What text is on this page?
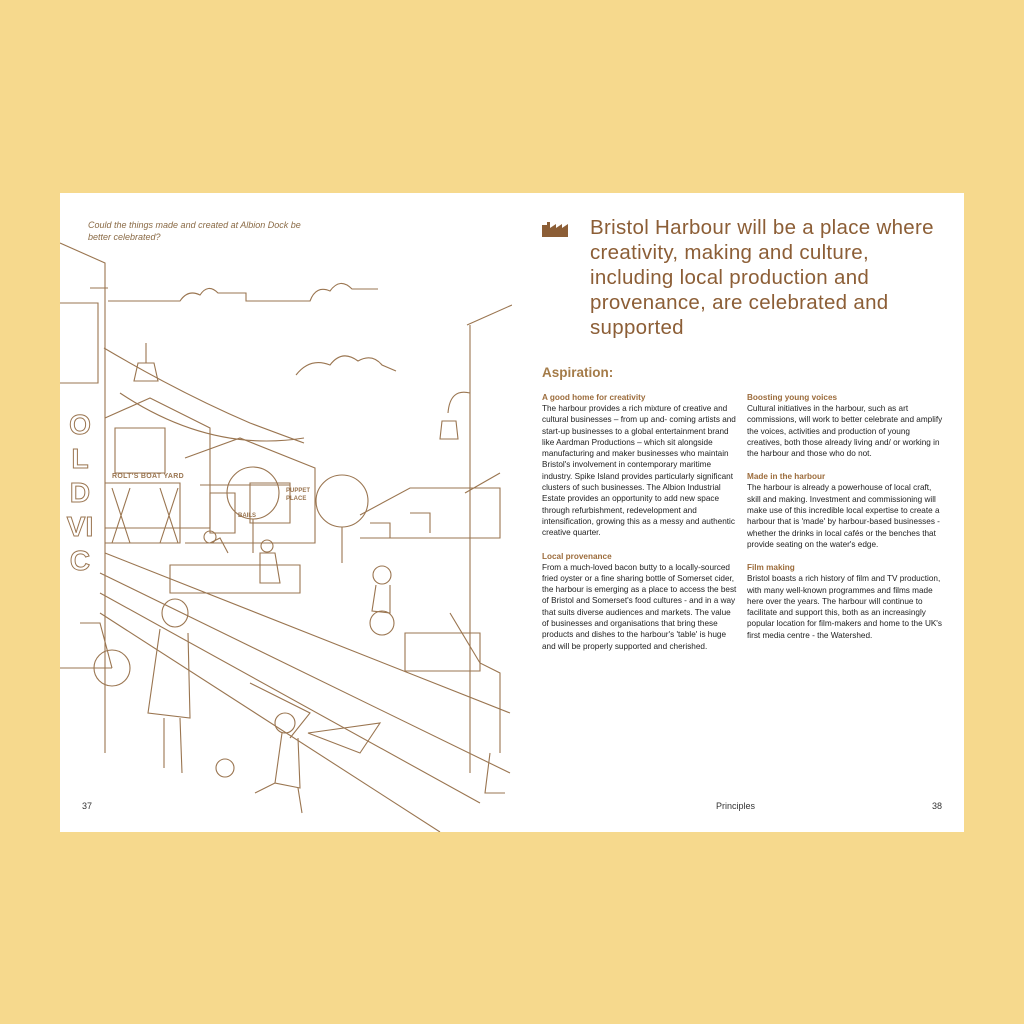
OLD VIC
ROLT'S BOAT YARD
PUPPET PLACE
BAILS
Could the things made and created at Albion Dock be better celebrated?
37
Bristol Harbour will be a place where creativity, making and culture, including local production and provenance, are celebrated and supported
Aspiration:
A good home for creativity

The harbour provides a rich mixture of creative and cultural businesses – from up and- coming artists and start-up businesses to a global entertainment brand like Aardman Productions – which sit alongside manufacturing and maker businesses who maintain Bristol's involvement in contemporary maritime industry. Spike Island provides particularly significant clusters of such businesses. The Albion Industrial Estate provides an opportunity to add new space through refurbishment, redevelopment and intensification, growing this as a messy and authentic creative quarter.

Local provenance

From a much-loved bacon butty to a locally-sourced fried oyster or a fine sharing bottle of Somerset cider, the harbour is emerging as a place to access the best of Bristol and Somerset's food cultures - and in a way that suits diverse audiences and markets. The value of businesses and organisations that bring these products and dishes to the harbour's 'table' is huge and will be properly supported and cherished.

Boosting young voices

Cultural initiatives in the harbour, such as art commissions, will work to better celebrate and amplify the voices, activities and production of young creatives, both those already living and/ or working in the harbour and those who do not.

Made in the harbour

The harbour is already a powerhouse of local craft, skill and making. Investment and commissioning will make use of this incredible local expertise to create a harbour that is 'made' by harbour-based businesses - whether the drinks in local cafés or the benches that provide seating on the water's edge.

Film making

Bristol boasts a rich history of film and TV production, with many well-known programmes and films made here over the years. The harbour will continue to facilitate and support this, both as an increasingly popular location for film-makers and home to the UK's first media centre - the Watershed.

Principles	38
